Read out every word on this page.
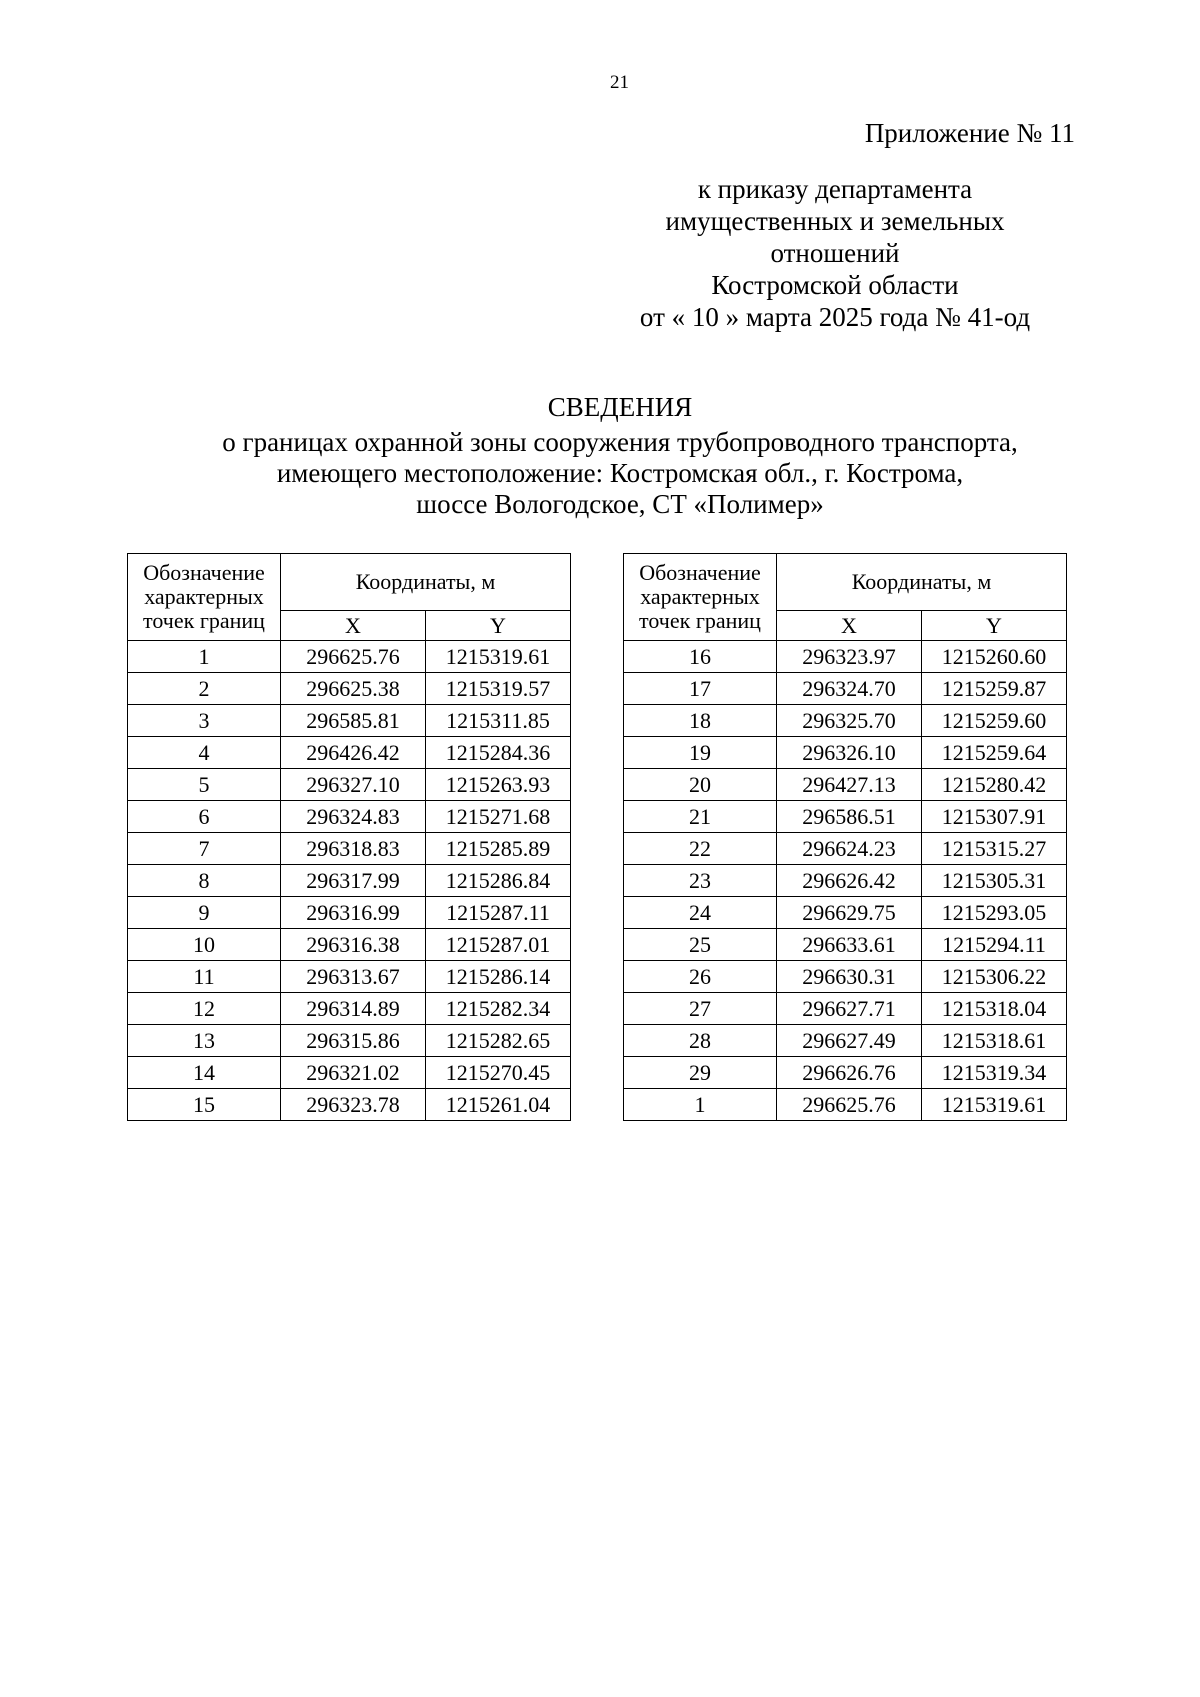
21
Приложение № 11
к приказу департамента
имущественных и земельных
отношений
Костромской области
от « 10 » марта 2025 года № 41-од
СВЕДЕНИЯ
о границах охранной зоны сооружения трубопроводного транспорта,
имеющего местоположение: Костромская обл., г. Кострома,
шоссе Вологодское, СТ «Полимер»
Обозначение характерных точек границ	Координаты, м	
	X	Y
1	296625.76	1215319.61
2	296625.38	1215319.57
3	296585.81	1215311.85
4	296426.42	1215284.36
5	296327.10	1215263.93
6	296324.83	1215271.68
7	296318.83	1215285.89
8	296317.99	1215286.84
9	296316.99	1215287.11
10	296316.38	1215287.01
11	296313.67	1215286.14
12	296314.89	1215282.34
13	296315.86	1215282.65
14	296321.02	1215270.45
15	296323.78	1215261.04
Обозначение характерных точек границ	Координаты, м	
	X	Y
16	296323.97	1215260.60
17	296324.70	1215259.87
18	296325.70	1215259.60
19	296326.10	1215259.64
20	296427.13	1215280.42
21	296586.51	1215307.91
22	296624.23	1215315.27
23	296626.42	1215305.31
24	296629.75	1215293.05
25	296633.61	1215294.11
26	296630.31	1215306.22
27	296627.71	1215318.04
28	296627.49	1215318.61
29	296626.76	1215319.34
1	296625.76	1215319.61
